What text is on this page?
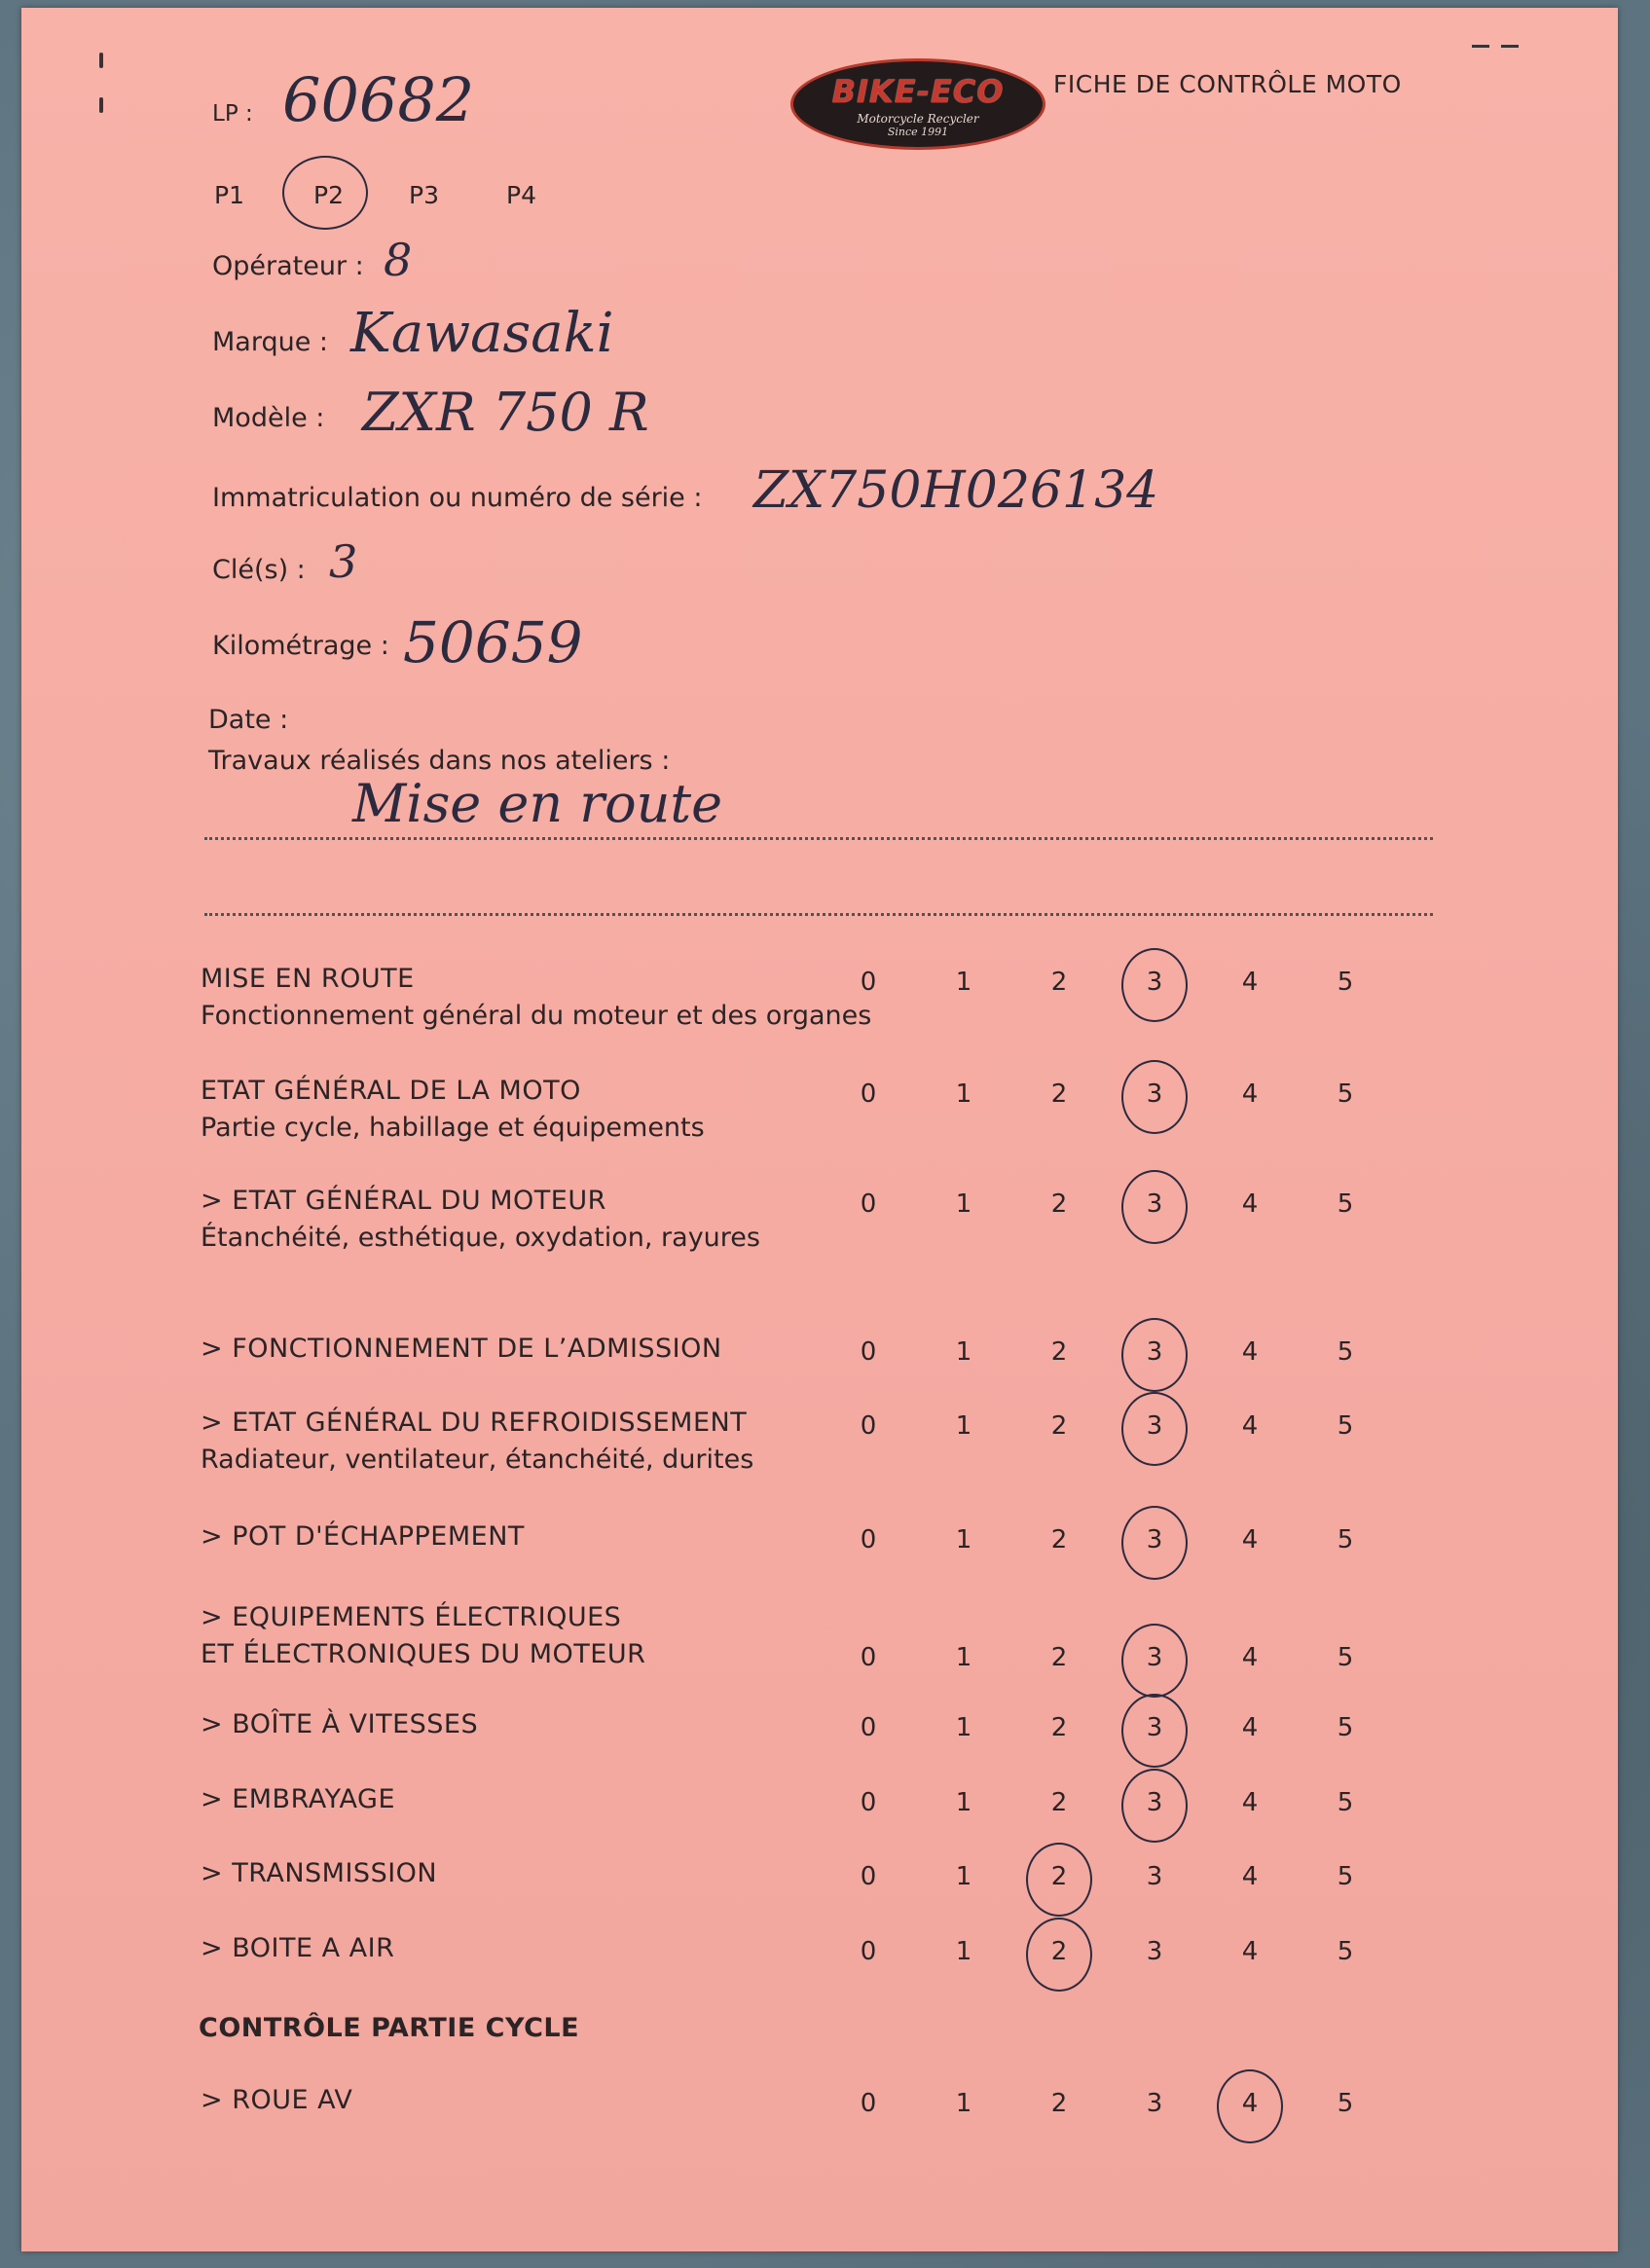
BIKE-ECO
Motorcycle Recycler
Since 1991
FICHE DE CONTRÔLE MOTO
LP : 60682
P1	P2	P3	P4
Opérateur : 8
Marque : Kawasaki
Modèle : ZXR 750 R
Immatriculation ou numéro de série : ZX750H026134
Clé(s) : 3
Kilométrage : 50659
Date :
Travaux réalisés dans nos ateliers :
Mise en route
MISE EN ROUTE
Fonctionnement général du moteur et des organes
0	1	2	3	4	5
ETAT GÉNÉRAL DE LA MOTO
Partie cycle, habillage et équipements
0	1	2	3	4	5
> ETAT GÉNÉRAL DU MOTEUR
Étanchéité, esthétique, oxydation, rayures
0	1	2	3	4	5
> FONCTIONNEMENT DE L’ADMISSION	0	1	2	3	4	5
> ETAT GÉNÉRAL DU REFROIDISSEMENT
Radiateur, ventilateur, étanchéité, durites
0	1	2	3	4	5
> POT D'ÉCHAPPEMENT	0	1	2	3	4	5
> EQUIPEMENTS ÉLECTRIQUES
ET ÉLECTRONIQUES DU MOTEUR	0	1	2	3	4	5
> BOÎTE À VITESSES	0	1	2	3	4	5
> EMBRAYAGE	0	1	2	3	4	5
> TRANSMISSION	0	1	2	3	4	5
> BOITE A AIR	0	1	2	3	4	5
CONTRÔLE PARTIE CYCLE
> ROUE AV	0	1	2	3	4	5
